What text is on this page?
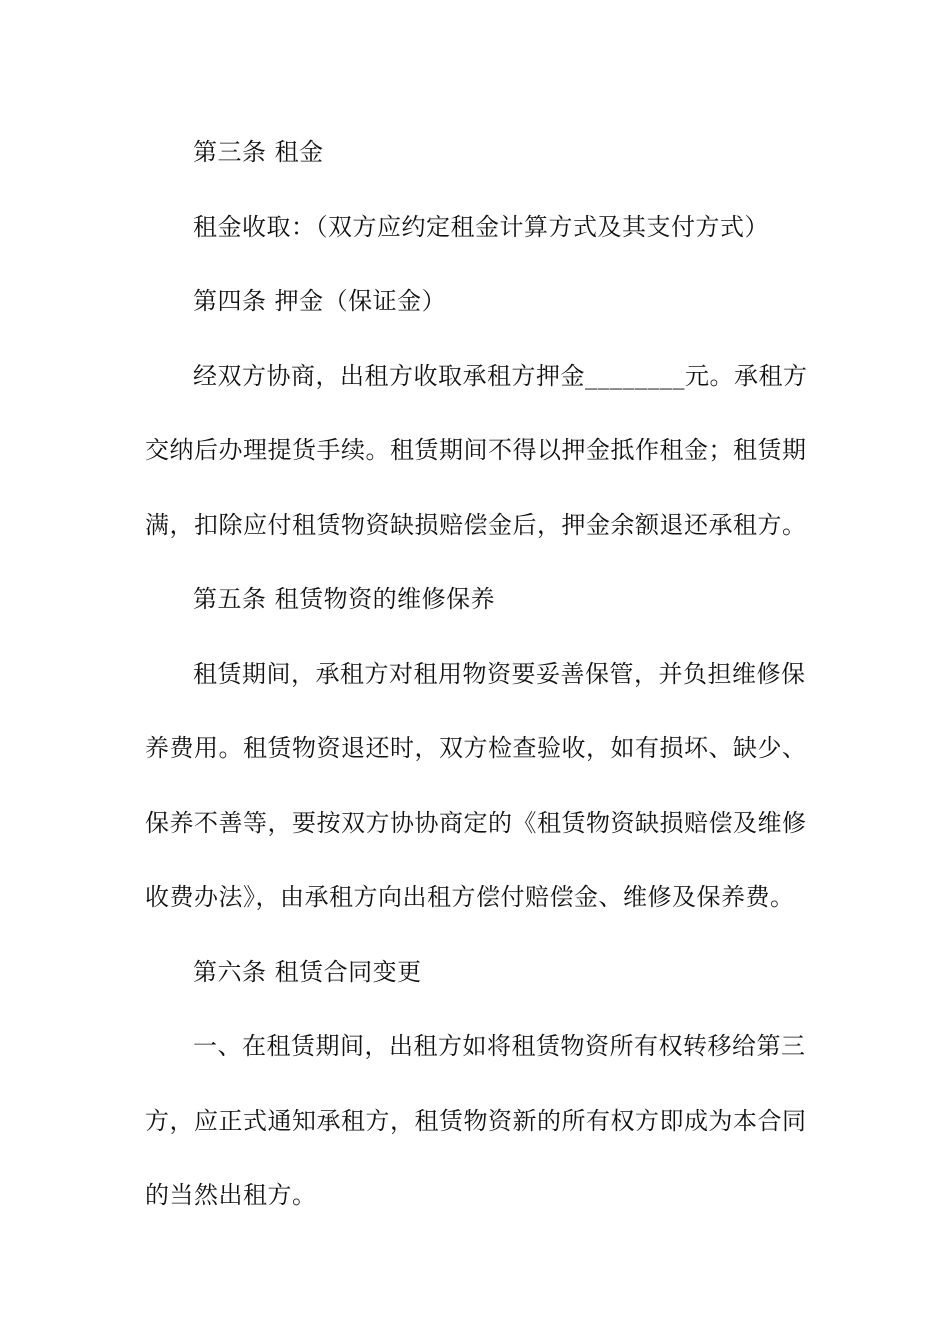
第三条 租金
租金收取：（双方应约定租金计算方式及其支付方式）
第四条 押金（保证金）
经双方协商，出租方收取承租方押金________元。承租方
交纳后办理提货手续。租赁期间不得以押金抵作租金；租赁期
满，扣除应付租赁物资缺损赔偿金后，押金余额退还承租方。
第五条 租赁物资的维修保养
租赁期间，承租方对租用物资要妥善保管，并负担维修保
养费用。租赁物资退还时，双方检查验收，如有损坏、缺少、
保养不善等，要按双方协协商定的《租赁物资缺损赔偿及维修
收费办法》，由承租方向出租方偿付赔偿金、维修及保养费。
第六条 租赁合同变更
一、在租赁期间，出租方如将租赁物资所有权转移给第三
方，应正式通知承租方，租赁物资新的所有权方即成为本合同
的当然出租方。
